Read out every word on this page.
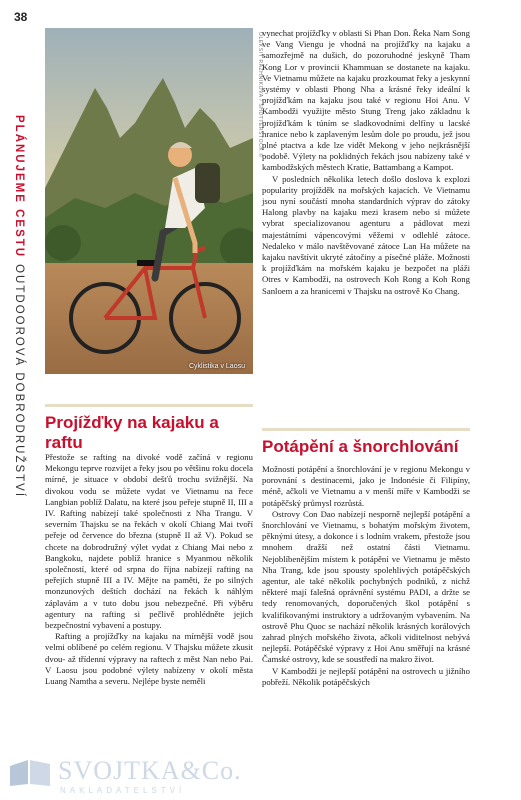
38
PLÁNUJEME CESTUOUTDOOROVÁ DOBRODRUŽSTVÍ	Cyklistika v Laosu
OLEKSIY RAZHNIKOVA / SHUTTERSTOCK © vynechat projížďky v oblasti Si Phan Don. Řeka Nam Song ve Vang Viengu je vhodná na projížďky na kajaku a samozřejmě na dušich, do pozoruhodné jeskyně Tham Kong Lor v provincii Khammuan se dostanete na kajaku. Ve Vietnamu můžete na kajaku prozkoumat řeky a jeskynní systémy v oblasti Phong Nha a krásné řeky ideální k projížďkám na kajaku jsou také v regionu Hoi Anu. V Kambodži využijte město Stung Treng jako základnu k projížďkám k túním se sladkovodními delfíny u lacské hranice nebo k zaplaveným lesům dole po proudu, jež jsou plné ptactva a kde lze vidět Mekong v jeho nejkrásnější podobě. Výlety na poklidných řekách jsou nabízeny také v kambodžských městech Kratie, Battambang a Kampot.

V posledních několika letech došlo doslova k explozi popularity projížděk na mořských kajacích. Ve Vietnamu jsou nyní součástí mnoha standardních výprav do zátoky Halong plavby na kajaku mezi krasem nebo si můžete vybrat specializovanou agenturu a pádlovat mezi majestátními vápencovými věžemi v odlehlé zátoce. Nedaleko v málo navštěvované zátoce Lan Ha můžete na kajaku navštívit ukryté zátočiny a písečné pláže. Možnosti k projížďkám na mořském kajaku je bezpočet na pláži Otres v Kambodži, na ostrovech Koh Rong a Koh Rong Sanloem a za hranicemi v Thajsku na ostrově Ko Chang.

Projížďky na kajaku a raftu

Přestože se rafting na divoké vodě začíná v regionu Mekongu teprve rozvíjet a řeky jsou po většinu roku docela mírné, je situace v období dešťů trochu svižnější. Na divokou vodu se můžete vydat ve Vietnamu na řece Langbian poblíž Dalatu, na které jsou peřeje stupně II, III a IV. Rafting nabízejí také společnosti z Nha Trangu. V severním Thajsku se na řekách v okolí Chiang Mai tvoří peřeje od července do března (stupně II až V). Pokud se chcete na dobrodružný výlet vydat z Chiang Mai nebo z Bangkoku, najdete poblíž hranice s Myanmou několik společností, které od srpna do října nabízejí rafting na peřejích stupně III a IV. Mějte na paměti, že po silných monzunových deštích dochází na řekách k náhlým záplavám a v tuto dobu jsou nebezpečné. Při výběru agentury na rafting si pečlivě prohlédněte jejich bezpečnostní vybavení a postupy.

Rafting a projížďky na kajaku na mírnější vodě jsou velmi oblíbené po celém regionu. V Thajsku můžete zkusit dvou- až třídenní výpravy na raftech z měst Nan nebo Pai. V Laosu jsou podobné výlety nabízeny v okolí města Luang Namtha a severu. Nejlépe byste neměli

Potápění a šnorchlování

Možnosti potápění a šnorchlování je v regionu Mekongu v porovnání s destinacemi, jako je Indonésie či Filipíny, méně, ačkoli ve Vietnamu a v menší míře v Kambodži se potápěčský průmysl rozrůstá.

Ostrovy Con Dao nabízejí nesporně nejlepší potápění a šnorchlování ve Vietnamu, s bohatým mořským životem, pěknými útesy, a dokonce i s lodním vrakem, přestože jsou mnohem dražší než ostatní části Vietnamu. Nejoblíbenějším místem k potápění ve Vietnamu je město Nha Trang, kde jsou spousty spolehlivých potápěčských agentur, ale také několik pochybných podniků, z nichž některé mají falešná oprávnění systému PADI, a držte se tedy renomovaných, doporučených škol potápění s kvalifikovanými instruktory a udržovaným vybavením. Na ostrově Phu Quoc se nachází několik krásných korálových zahrad plných mořského života, ačkoli viditelnost nebývá nejlepší. Potápěčské výpravy z Hoi Anu směřují na krásné Čamské ostrovy, kde se soustředí na makro život.

V Kambodži je nejlepší potápění na ostrovech u jižního pobřeží. Několik potápěčských

SVOJTKA&Co.
NAKLADATELSTVÍ
